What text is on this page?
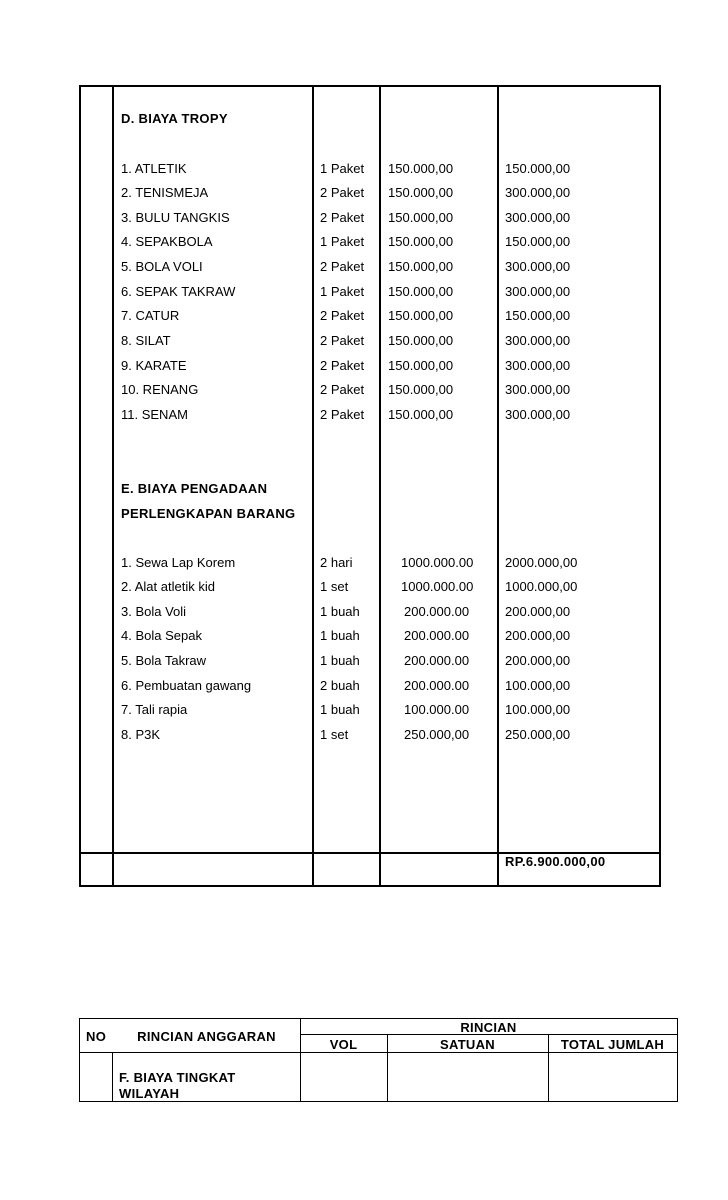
D. BIAYA TROPY
1. ATLETIK	1 Paket 150.000,00	150.000,00
2. TENISMEJA	2 Paket 150.000,00	300.000,00
3. BULU TANGKIS	2 Paket 150.000,00	300.000,00
4. SEPAKBOLA	1 Paket 150.000,00	150.000,00
5. BOLA VOLI	2 Paket 150.000,00	300.000,00
6. SEPAK TAKRAW	1 Paket 150.000,00	300.000,00
7. CATUR	2 Paket 150.000,00	150.000,00
8. SILAT	2 Paket 150.000,00	300.000,00
9. KARATE	2 Paket 150.000,00	300.000,00
10. RENANG	2 Paket 150.000,00	300.000,00
11. SENAM	2 Paket 150.000,00	300.000,00
E. BIAYA PENGADAAN
PERLENGKAPAN BARANG
1. Sewa Lap Korem	2 hari	1000.000.00 2000.000,00
2. Alat atletik kid	1 set	1000.000.00 1000.000,00
3. Bola Voli	1 buah	200.000.00	200.000,00
4. Bola Sepak	1 buah	200.000.00	200.000,00
5. Bola Takraw	1 buah	200.000.00	200.000,00
6. Pembuatan gawang	2 buah	200.000.00	100.000,00
7. Tali rapia	1 buah	100.000.00	100.000,00
8. P3K	1 set	250.000,00	250.000,00
RP.6.900.000,00
NO	RINCIAN ANGGARAN
RINCIAN
VOL	SATUAN	TOTAL JUMLAH
F. BIAYA TINGKAT
WILAYAH
